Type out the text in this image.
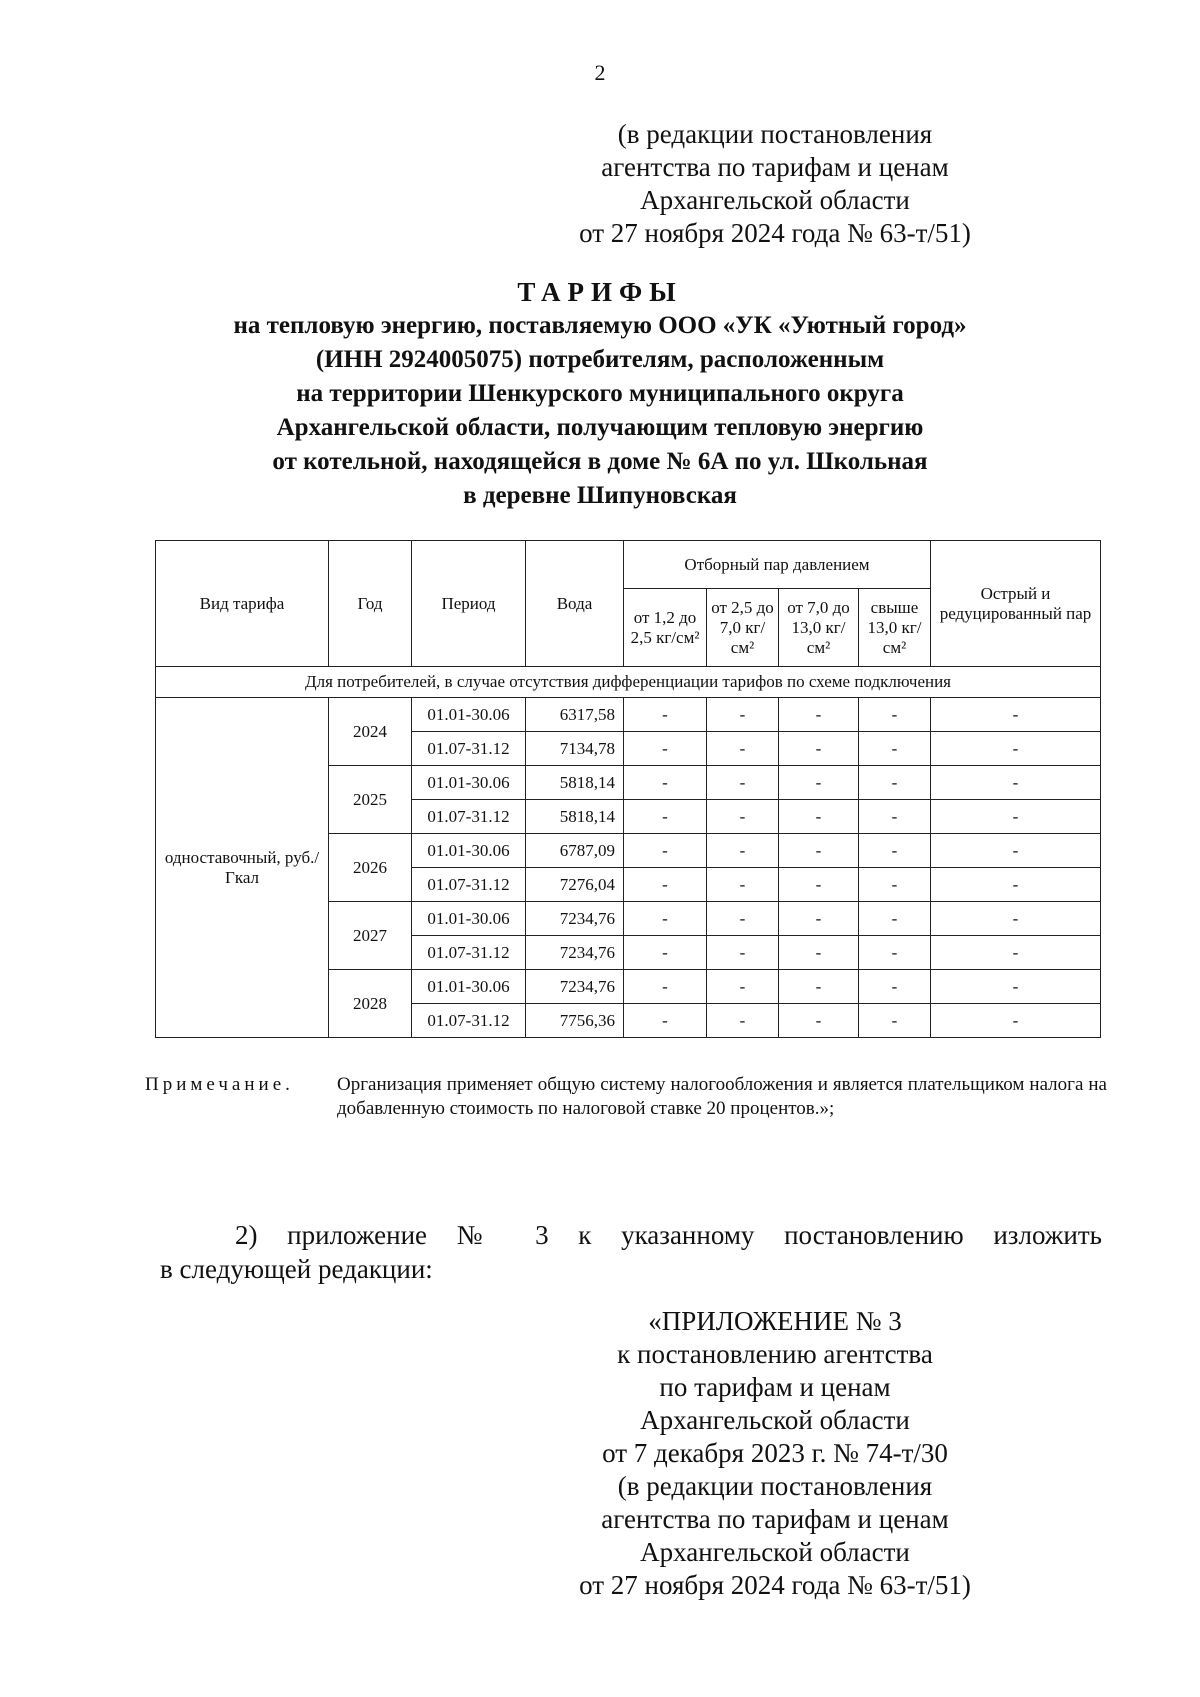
2
(в редакции постановления
агентства по тарифам и ценам
Архангельской области
от 27 ноября 2024 года № 63-т/51)
ТАРИФЫ
на тепловую энергию, поставляемую ООО «УК «Уютный город»
(ИНН 2924005075) потребителям, расположенным
на территории Шенкурского муниципального округа
Архангельской области, получающим тепловую энергию
от котельной, находящейся в доме № 6А по ул. Школьная
в деревне Шипуновская
Вид тарифа	Год	Период	Вода	Отборный пар давлением				Острый и редуцированный пар
				от 1,2 до 2,5 кг/см²	от 2,5 до 7,0 кг/см²	от 7,0 до 13,0 кг/см²	свыше 13,0 кг/см²	
Для потребителей, в случае отсутствия дифференциации тарифов по схеме подключения								
одноставочный, руб./Гкал	2024	01.01-30.06	6317,58	-	-	-	-	-
		01.07-31.12	7134,78	-	-	-	-	-
	2025	01.01-30.06	5818,14	-	-	-	-	-
		01.07-31.12	5818,14	-	-	-	-	-
	2026	01.01-30.06	6787,09	-	-	-	-	-
		01.07-31.12	7276,04	-	-	-	-	-
	2027	01.01-30.06	7234,76	-	-	-	-	-
		01.07-31.12	7234,76	-	-	-	-	-
	2028	01.01-30.06	7234,76	-	-	-	-	-
		01.07-31.12	7756,36	-	-	-	-	-
Примечание. Организация применяет общую систему налогообложения и является плательщиком налога на добавленную стоимость по налоговой ставке 20 процентов.»;
2) приложение № 3 к указанному постановлению изложить
в следующей редакции:
«ПРИЛОЖЕНИЕ № 3
к постановлению агентства
по тарифам и ценам
Архангельской области
от 7 декабря 2023 г. № 74-т/30
(в редакции постановления
агентства по тарифам и ценам
Архангельской области
от 27 ноября 2024 года № 63-т/51)
